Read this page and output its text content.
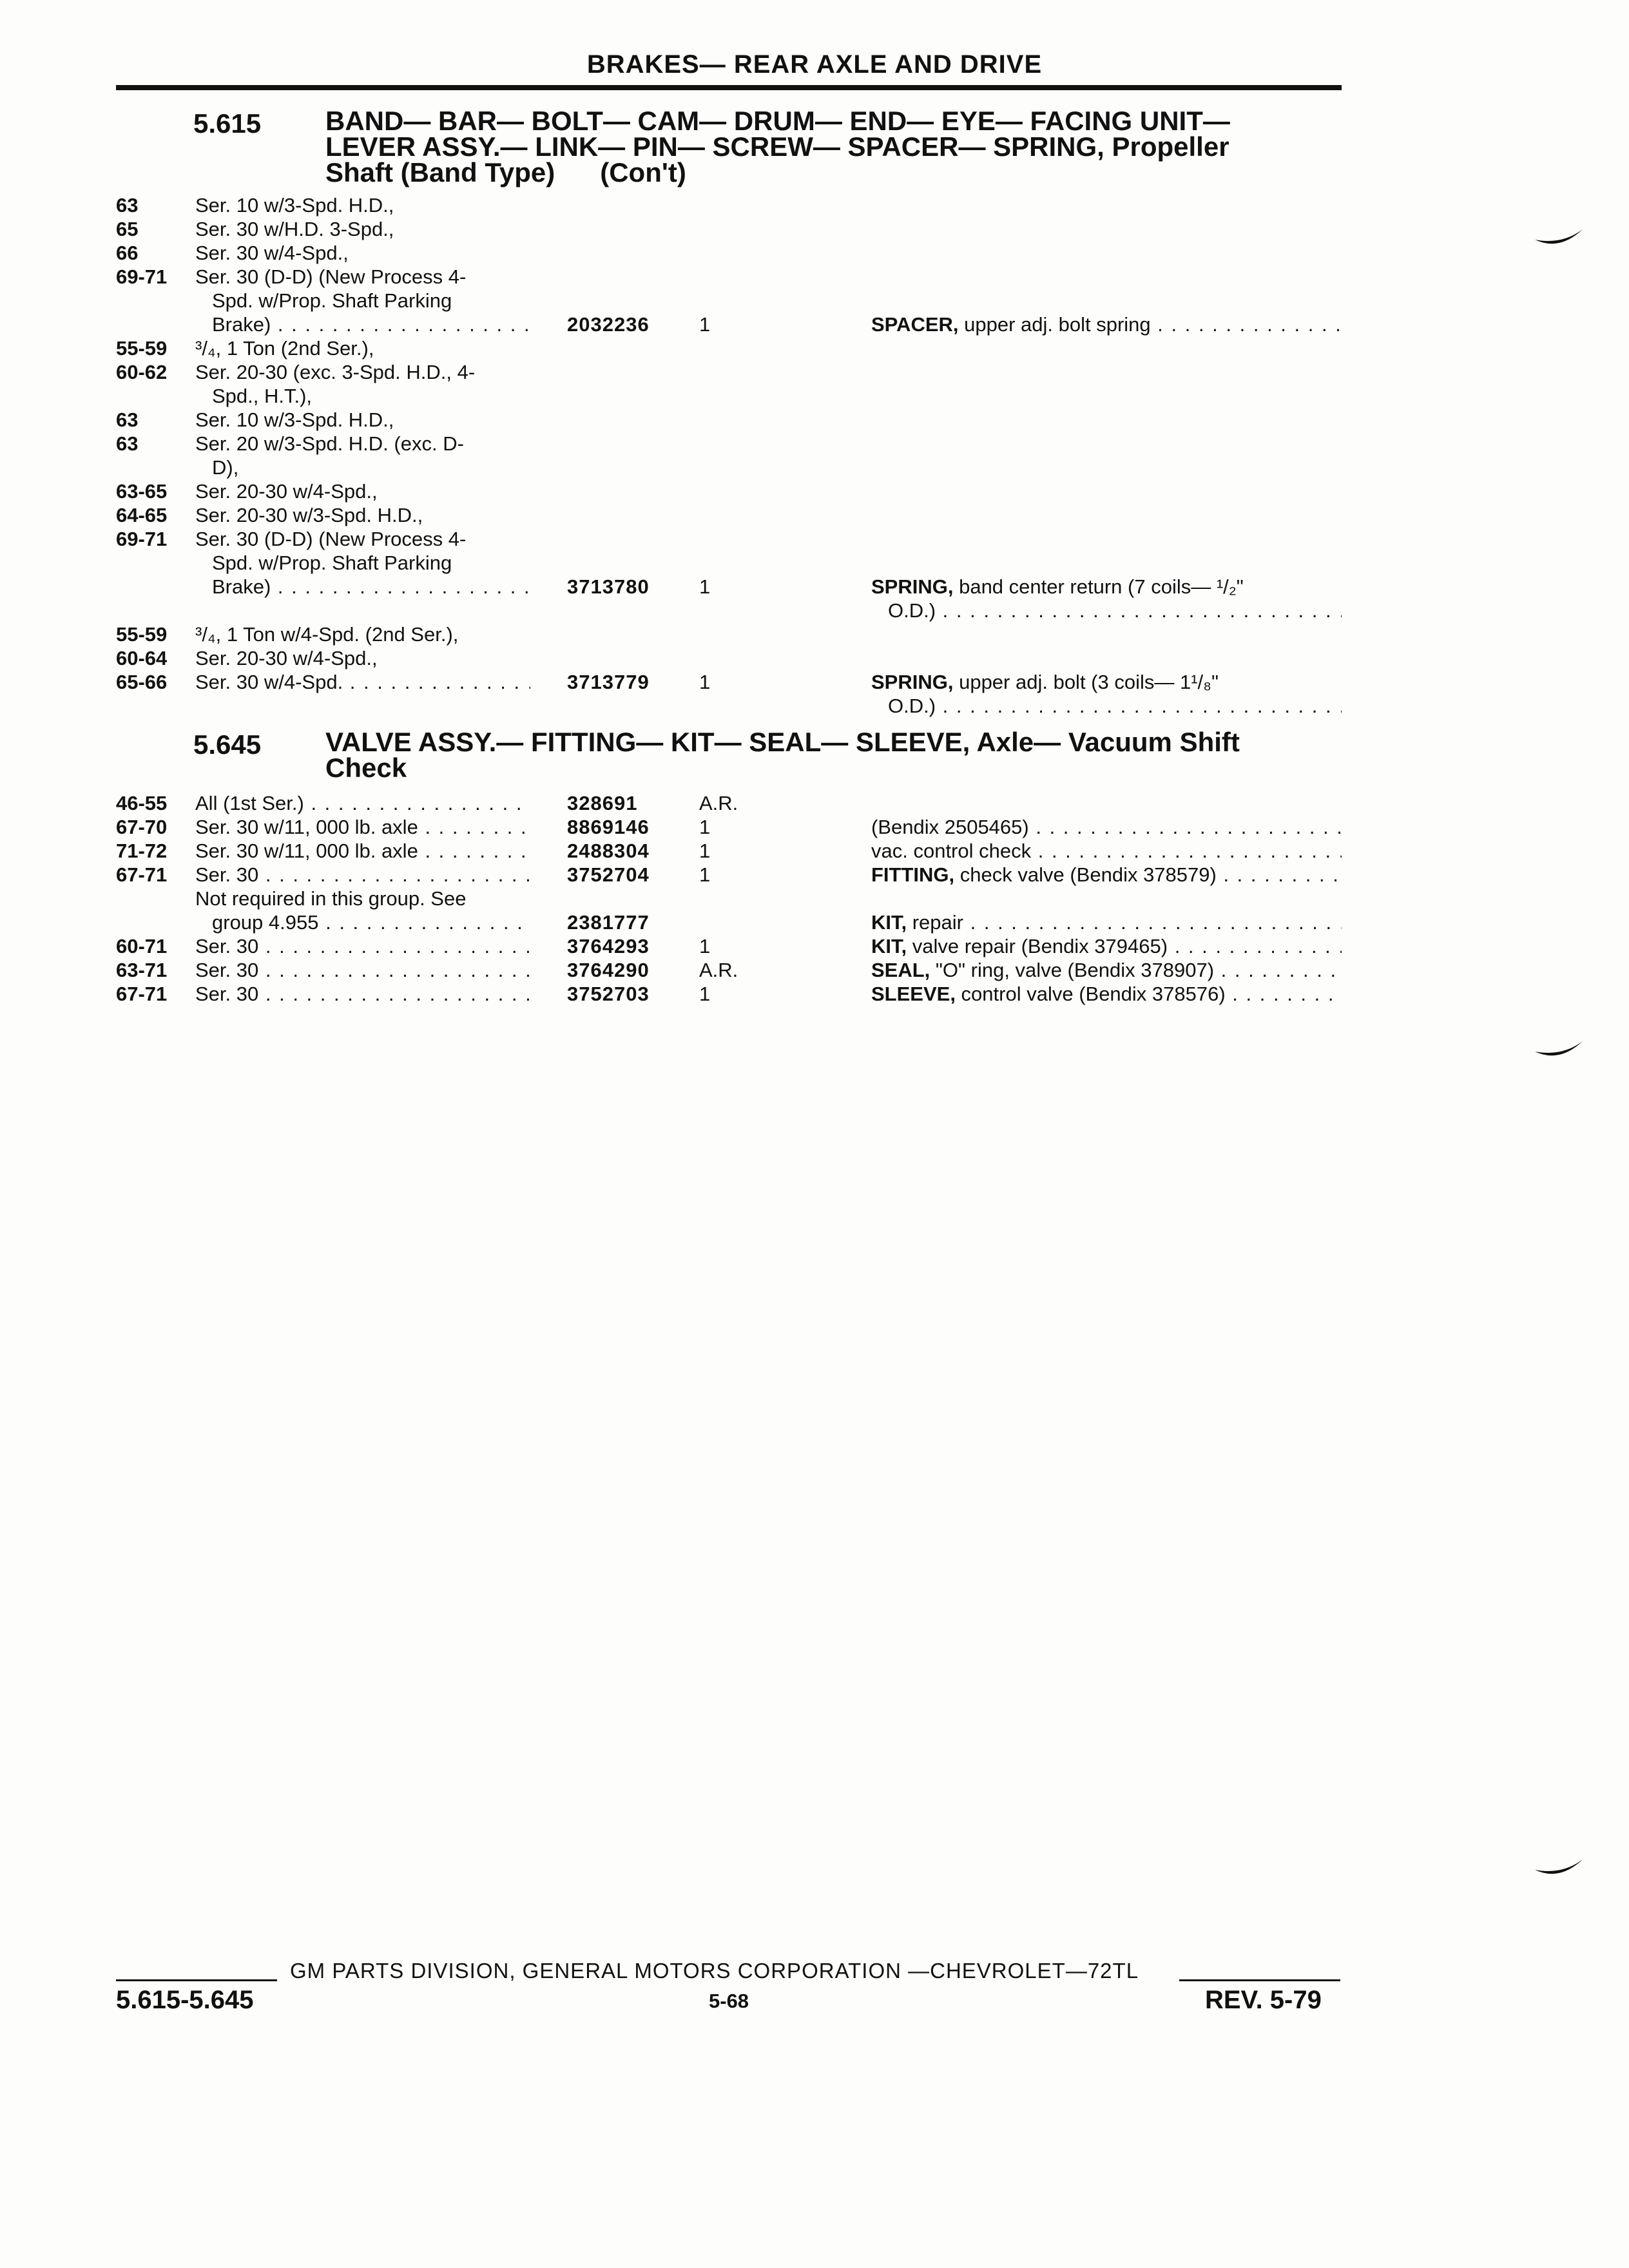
BRAKES— REAR AXLE AND DRIVE
5.615 BAND— BAR— BOLT— CAM— DRUM— END— EYE— FACING UNIT—
LEVER ASSY.— LINK— PIN— SCREW— SPACER— SPRING, Propeller
Shaft (Band Type)      (Con't)
5.645 VALVE ASSY.— FITTING— KIT— SEAL— SLEEVE, Axle— Vacuum Shift
Check
63	Ser. 10 w/3-Spd. H.D.,
65	Ser. 30 w/H.D. 3-Spd.,
66	Ser. 30 w/4-Spd.,
69-71 Ser. 30 (D-D) (New Process 4-
Spd. w/Prop. Shaft Parking
Brake) . . .	2032236 1	SPACER, upper adj. bolt spring . . .
55-59 ³/₄, 1 Ton (2nd Ser.),
60-62 Ser. 20-30 (exc. 3-Spd. H.D., 4-
Spd., H.T.),
63	Ser. 10 w/3-Spd. H.D.,
63	Ser. 20 w/3-Spd. H.D. (exc. D-
D),
63-65 Ser. 20-30 w/4-Spd.,
64-65 Ser. 20-30 w/3-Spd. H.D.,
69-71 Ser. 30 (D-D) (New Process 4-
Spd. w/Prop. Shaft Parking
Brake) . . .	3713780 1	SPRING, band center return (7 coils— ¹/₂"
O.D.) . . .
55-59 ³/₄, 1 Ton w/4-Spd. (2nd Ser.),
60-64 Ser. 20-30 w/4-Spd.,
65-66 Ser. 30 w/4-Spd. . . .	3713779 1	SPRING, upper adj. bolt (3 coils— 1¹/₈"
O.D.) . . .
46-55 All (1st Ser.) . . .	328691	A.R.
67-70 Ser. 30 w/11, 000 lb. axle . . .	8869146 1	(Bendix 2505465) . . .
71-72 Ser. 30 w/11, 000 lb. axle . . .	2488304 1	vac. control check . . .
67-71 Ser. 30 . . .	3752704 1	FITTING, check valve (Bendix 378579) . . .
Not required in this group. See
group 4.955 . . .	2381777	KIT, repair . . .
60-71 Ser. 30 . . .	3764293 1	KIT, valve repair (Bendix 379465) . . .
63-71 Ser. 30 . . .	3764290 A.R.	SEAL, "O" ring, valve (Bendix 378907) . . .
67-71 Ser. 30 . . .	3752703 1	SLEEVE, control valve (Bendix 378576) . . .
GM PARTS DIVISION, GENERAL MOTORS CORPORATION —CHEVROLET—72TL
5.615-5.645	5-68	REV. 5-79
